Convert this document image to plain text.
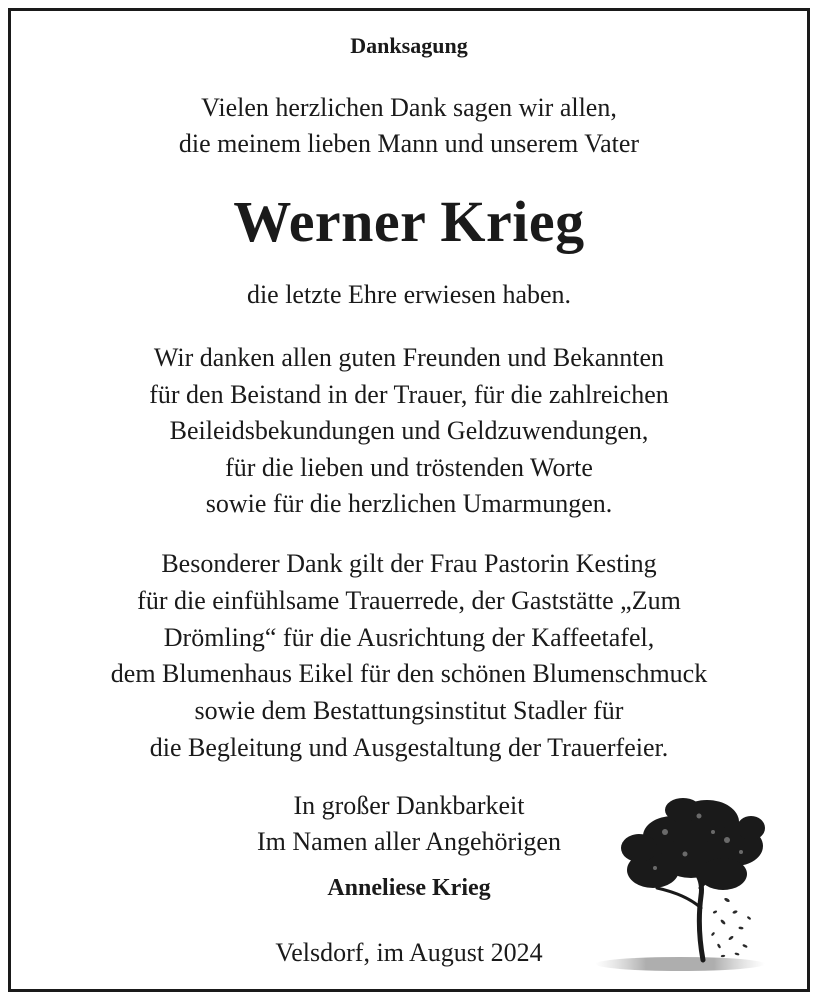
Danksagung
Vielen herzlichen Dank sagen wir allen,
die meinem lieben Mann und unserem Vater
Werner Krieg
die letzte Ehre erwiesen haben.
Wir danken allen guten Freunden und Bekannten
für den Beistand in der Trauer, für die zahlreichen
Beileidsbekundungen und Geldzuwendungen,
für die lieben und tröstenden Worte
sowie für die herzlichen Umarmungen.
Besonderer Dank gilt der Frau Pastorin Kesting
für die einfühlsame Trauerrede, der Gaststätte „Zum
Drömling“ für die Ausrichtung der Kaffeetafel,
dem Blumenhaus Eikel für den schönen Blumenschmuck
sowie dem Bestattungsinstitut Stadler für
die Begleitung und Ausgestaltung der Trauerfeier.
In großer Dankbarkeit
Im Namen aller Angehörigen
Anneliese Krieg
Velsdorf, im August 2024
